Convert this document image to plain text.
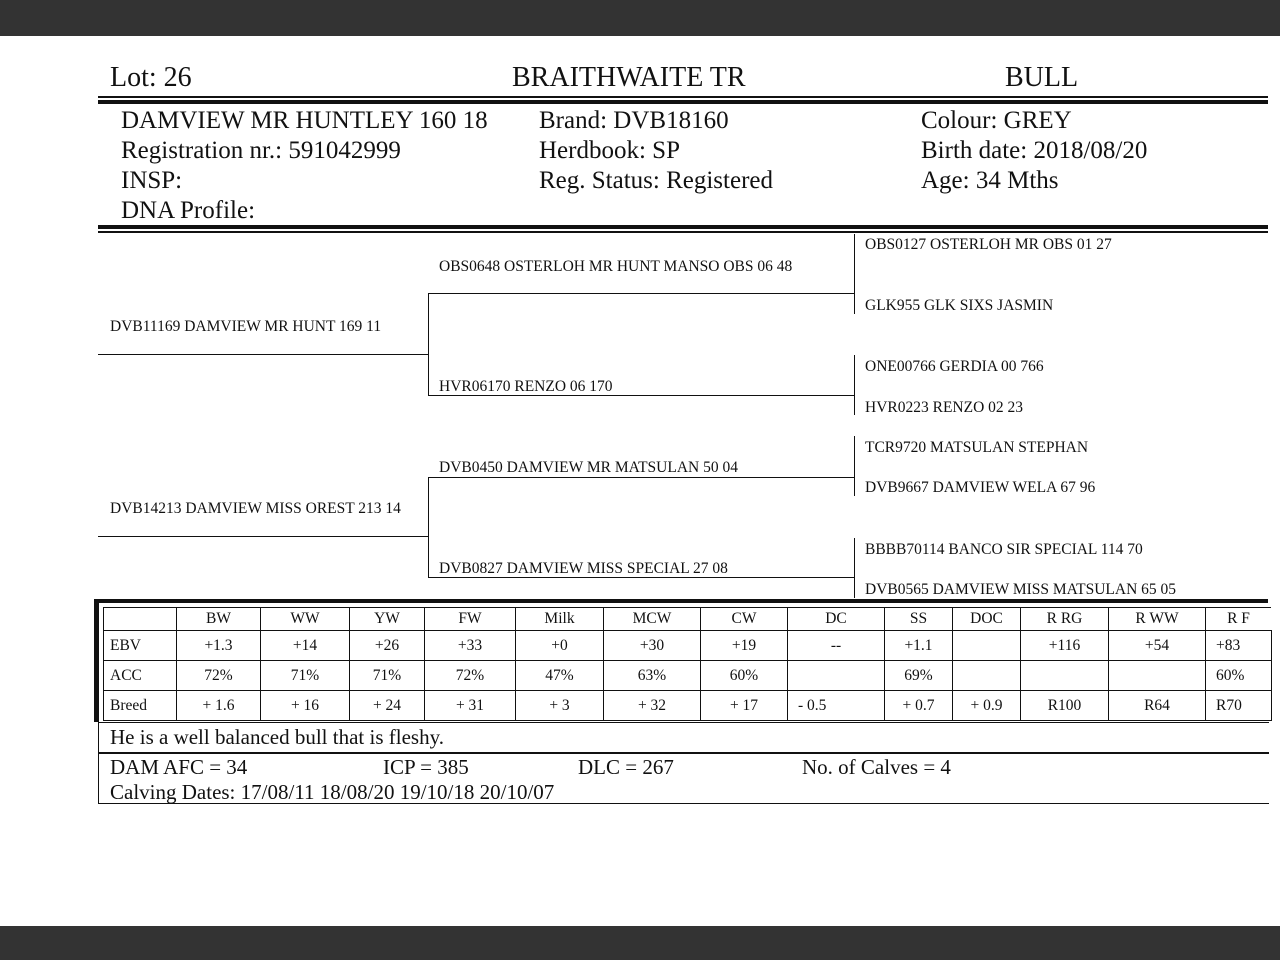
Lot: 26	BRAITHWAITE TR	BULL
DAMVIEW MR HUNTLEY 160 18
Registration nr.: 591042999
INSP:
DNA Profile:
Brand: DVB18160
Herdbook: SP
Reg. Status: Registered
Colour: GREY
Birth date: 2018/08/20
Age: 34 Mths
DVB11169 DAMVIEW MR HUNT 169 11
DVB14213 DAMVIEW MISS OREST 213 14
OBS0648 OSTERLOH MR HUNT MANSO OBS 06 48
HVR06170 RENZO 06 170
DVB0450 DAMVIEW MR MATSULAN 50 04
DVB0827 DAMVIEW MISS SPECIAL 27 08
OBS0127 OSTERLOH MR OBS 01 27
GLK955 GLK SIXS JASMIN
ONE00766 GERDIA 00 766
HVR0223 RENZO 02 23
TCR9720 MATSULAN STEPHAN
DVB9667 DAMVIEW WELA 67 96
BBBB70114 BANCO SIR SPECIAL 114 70
DVB0565 DAMVIEW MISS MATSULAN 65 05
	BW	WW	YW	FW	Milk	MCW	CW	DC	SS	DOC	R RG	R WW	R F
EBV	+1.3	+14	+26	+33	+0	+30	+19	--	+1.1		+116	+54	+83
ACC	72%	71%	71%	72%	47%	63%	60%		69%				60%
Breed	+ 1.6	+ 16	+ 24	+ 31	+ 3	+ 32	+ 17	- 0.5	+ 0.7	+ 0.9	R100	R64	R70
He is a well balanced bull that is fleshy.
DAM AFC = 34	ICP = 385	DLC = 267	No. of Calves = 4
Calving Dates: 17/08/11 18/08/20 19/10/18 20/10/07
